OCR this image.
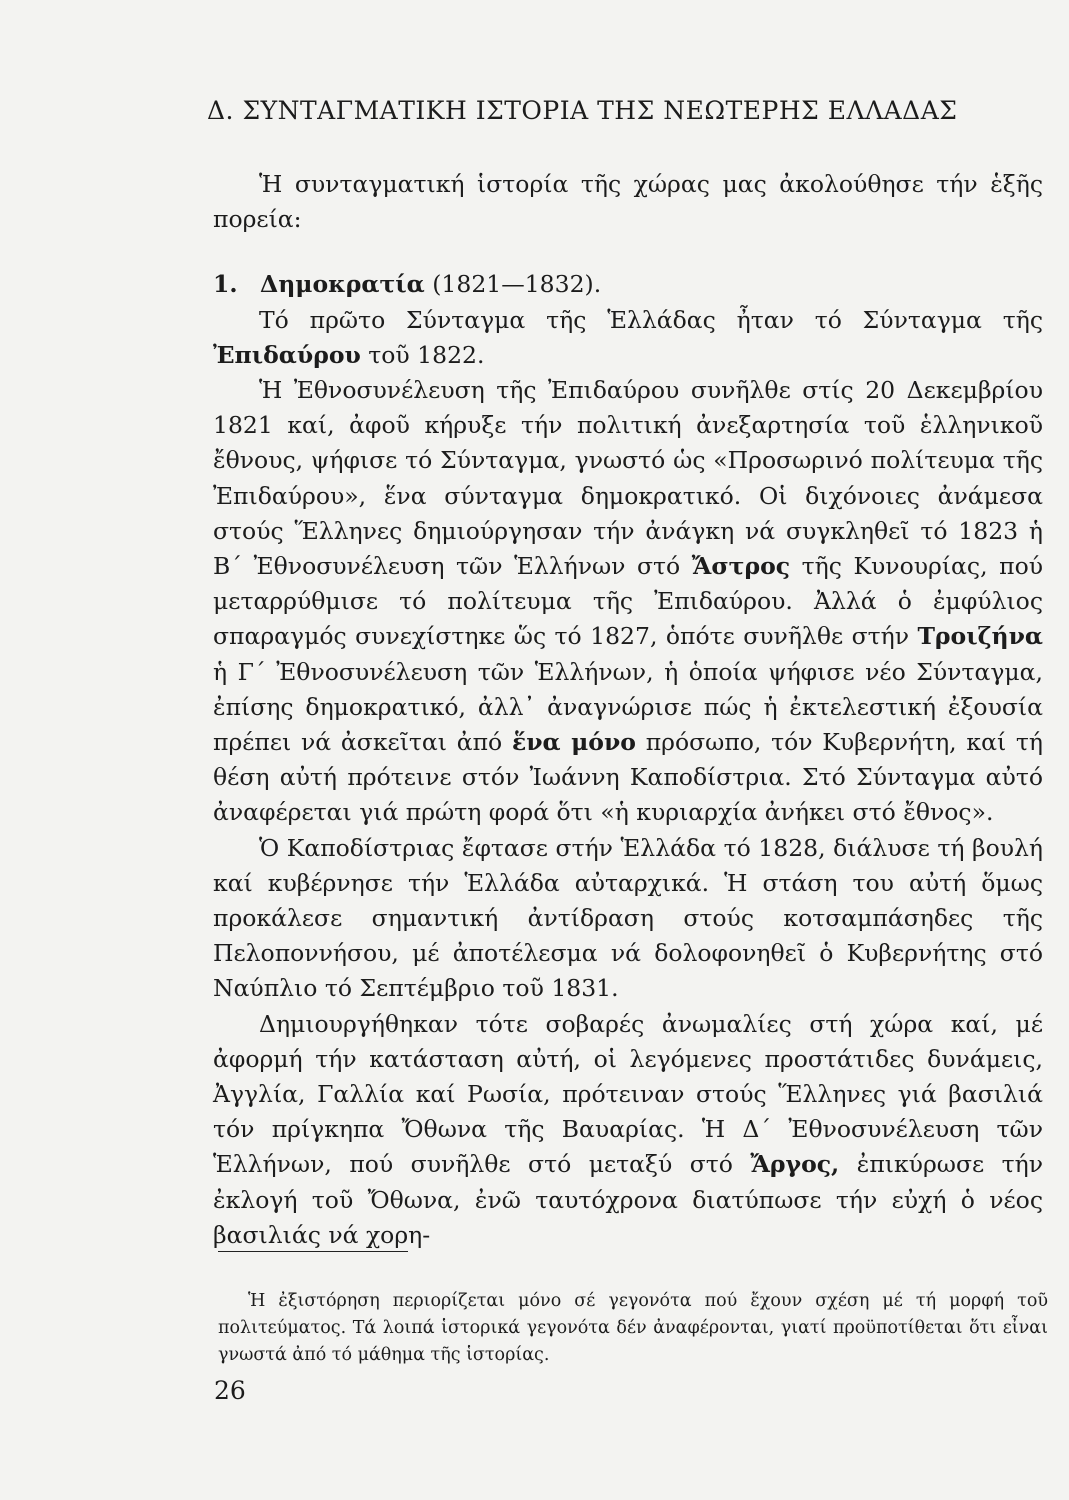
Δ. ΣΥΝΤΑΓΜΑΤΙΚΗ ΙΣΤΟΡΙΑ ΤΗΣ ΝΕΩΤΕΡΗΣ ΕΛΛΑΔΑΣ

Ἡ συνταγματική ἱστορία τῆς χώρας μας ἀκολούθησε τήν ἑξῆς πορεία:

1. Δημοκρατία (1821—1832).

Τό πρῶτο Σύνταγμα τῆς Ἑλλάδας ἦταν τό Σύνταγμα τῆς Ἐπιδαύρου τοῦ 1822.

Ἡ Ἐθνοσυνέλευση τῆς Ἐπιδαύρου συνῆλθε στίς 20 Δεκεμβρίου 1821 καί, ἀφοῦ κήρυξε τήν πολιτική ἀνεξαρτησία τοῦ ἑλληνικοῦ ἔθνους, ψήφισε τό Σύνταγμα, γνωστό ὡς «Προσωρινό πολίτευμα τῆς Ἐπιδαύρου», ἕνα σύνταγμα δημοκρατικό. Οἱ διχόνοιες ἀνάμεσα στούς Ἕλληνες δημιούργησαν τήν ἀνάγκη νά συγκληθεῖ τό 1823 ἡ Β΄ Ἐθνοσυνέλευση τῶν Ἑλλήνων στό Ἄστρος τῆς Κυνουρίας, πού μεταρρύθμισε τό πολίτευμα τῆς Ἐπιδαύρου. Ἀλλά ὁ ἐμφύλιος σπαραγμός συνεχίστηκε ὥς τό 1827, ὁπότε συνῆλθε στήν Τροιζήνα ἡ Γ΄ Ἐθνοσυνέλευση τῶν Ἑλλήνων, ἡ ὁποία ψήφισε νέο Σύνταγμα, ἐπίσης δημοκρατικό, ἀλλ᾿ ἀναγνώρισε πώς ἡ ἐκτελεστική ἐξουσία πρέπει νά ἀσκεῖται ἀπό ἕνα μόνο πρόσωπο, τόν Κυβερνήτη, καί τή θέση αὐτή πρότεινε στόν Ἰωάννη Καποδίστρια. Στό Σύνταγμα αὐτό ἀναφέρεται γιά πρώτη φορά ὅτι «ἡ κυριαρχία ἀνήκει στό ἔθνος».

Ὁ Καποδίστριας ἔφτασε στήν Ἑλλάδα τό 1828, διάλυσε τή βουλή καί κυβέρνησε τήν Ἑλλάδα αὐταρχικά. Ἡ στάση του αὐτή ὅμως προκάλεσε σημαντική ἀντίδραση στούς κοτσαμπάσηδες τῆς Πελοποννήσου, μέ ἀποτέλεσμα νά δολοφονηθεῖ ὁ Κυβερνήτης στό Ναύπλιο τό Σεπτέμβριο τοῦ 1831.

Δημιουργήθηκαν τότε σοβαρές ἀνωμαλίες στή χώρα καί, μέ ἀφορμή τήν κατάσταση αὐτή, οἱ λεγόμενες προστάτιδες δυνάμεις, Ἀγγλία, Γαλλία καί Ρωσία, πρότειναν στούς Ἕλληνες γιά βασιλιά τόν πρίγκηπα Ὄθωνα τῆς Βαυαρίας. Ἡ Δ΄ Ἐθνοσυνέλευση τῶν Ἑλλήνων, πού συνῆλθε στό μεταξύ στό Ἄργος, ἐπικύρωσε τήν ἐκλογή τοῦ Ὄθωνα, ἐνῶ ταυτόχρονα διατύπωσε τήν εὐχή ὁ νέος βασιλιάς νά χορη-

Ἡ ἐξιστόρηση περιορίζεται μόνο σέ γεγονότα πού ἔχουν σχέση μέ τή μορφή τοῦ πολιτεύματος. Τά λοιπά ἱστορικά γεγονότα δέν ἀναφέρονται, γιατί προϋποτίθεται ὅτι εἶναι γνωστά ἀπό τό μάθημα τῆς ἱστορίας.

26
